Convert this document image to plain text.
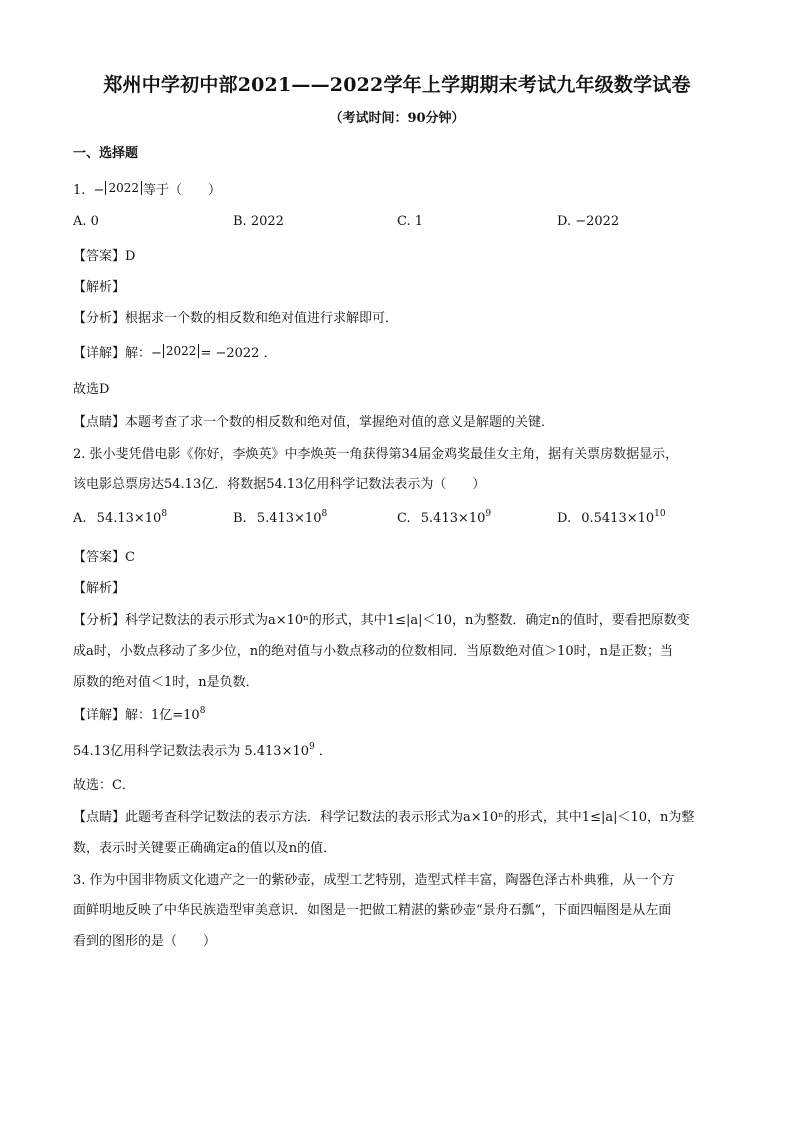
郑州中学初中部2021——2022学年上学期期末考试九年级数学试卷
（考试时间：90分钟）
一、选择题
1. − 2022 等于（　　）
A. 0	B. 2022	C. 1	D. −2022
【答案】D
【解析】
【分析】根据求一个数的相反数和绝对值进行求解即可．
【详解】解：− 2022 = −2022 ．
故选D
【点睛】本题考查了求一个数的相反数和绝对值，掌握绝对值的意义是解题的关键．
2. 张小斐凭借电影《你好，李焕英》中李焕英一角获得第34届金鸡奖最佳女主角，据有关票房数据显示，
该电影总票房达54.13亿．将数据54.13亿用科学记数法表示为（　　）
A. $54.13\times 10^8$	B. $5.413\times 10^8$	C. $5.413\times 10^9$	D. $0.5413\times 10^{10}$
【答案】C
【解析】
【分析】科学记数法的表示形式为a×10ⁿ的形式，其中1≤|a|＜10，n为整数．确定n的值时，要看把原数变
成a时，小数点移动了多少位，n的绝对值与小数点移动的位数相同．当原数绝对值＞10时，n是正数；当
原数的绝对值＜1时，n是负数．
【详解】解：1亿$=10^8$
54.13亿用科学记数法表示为 $5.413\times 10^9$ ．
故选：C．
【点睛】此题考查科学记数法的表示方法．科学记数法的表示形式为a×10ⁿ的形式，其中1≤|a|＜10，n为整
数，表示时关键要正确确定a的值以及n的值．
3. 作为中国非物质文化遗产之一的紫砂壶，成型工艺特别，造型式样丰富，陶器色泽古朴典雅，从一个方
面鲜明地反映了中华民族造型审美意识．如图是一把做工精湛的紫砂壶“景舟石瓢”，下面四幅图是从左面
看到的图形的是（　　）
